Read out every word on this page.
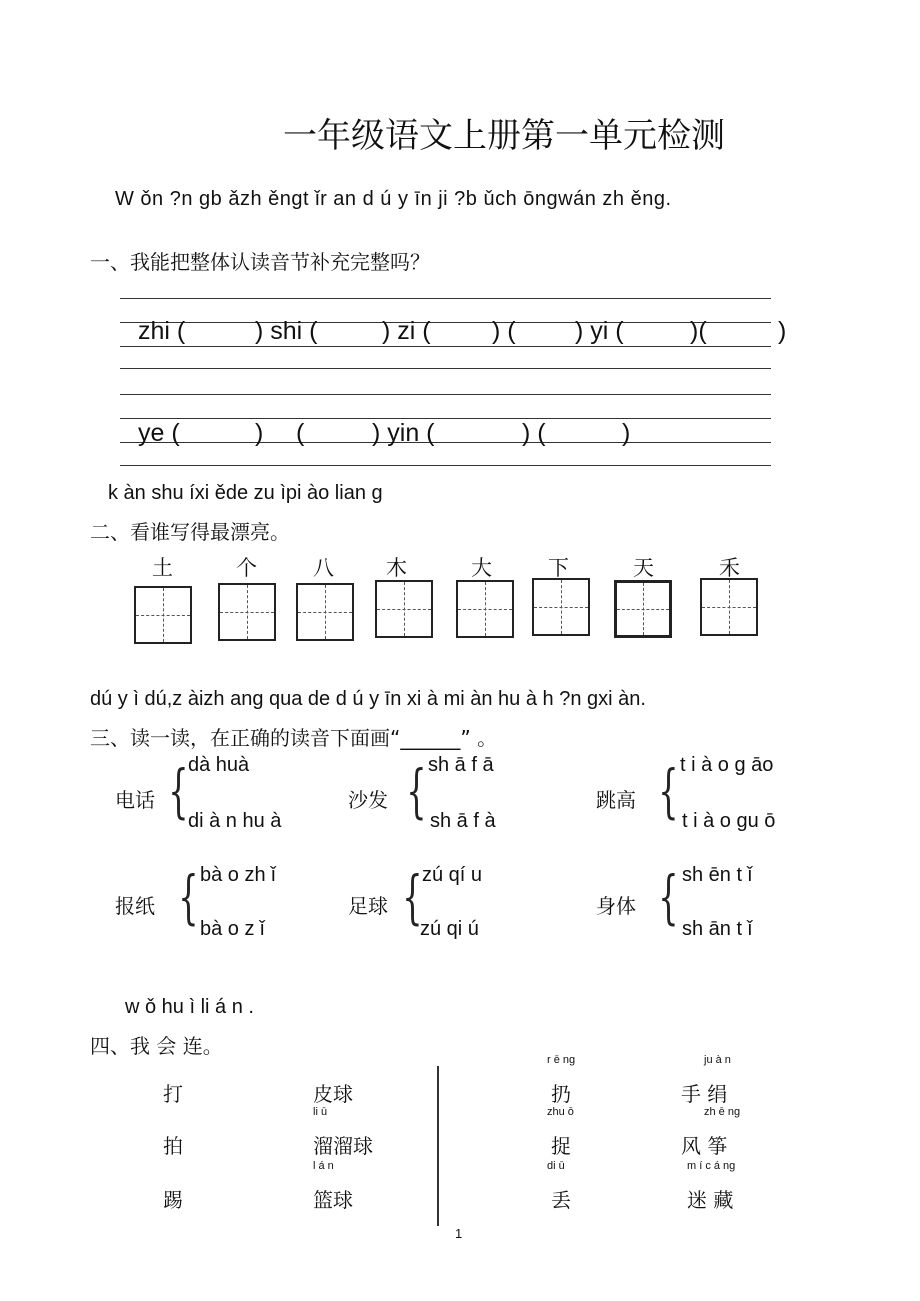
一年级语文上册第一单元检测
W ǒn ?n ɡb ǎzh ěnɡt ǐr an d ú y īn ji ?b ǔch ōnɡwán zh ěnɡ.
一、我能把整体认读音节补充完整吗？
zhi (	) shi (	) zi ( ) ( ) yi (	)(	)
ye (	) (	) yin (	) (	)
k àn shu íxi ěde zu ìpi ào lian ɡ
二、看谁写得最漂亮。
土	个	八 木	大	下	天	禾
dú y ì dú,z àizh ang qua de d ú y īn xi à mi àn hu à h ?n ɡxi àn.
三、读一读，在正确的读音下面画“______” 。
电话 { dà huà
di à n hu à
沙发 { sh ā f ā
sh ā f à
跳高 { t i à o g āo
t i à o gu ō
报纸 { bà o zh ǐ
bà o z ǐ
足球 { zú qí u
zú qi ú
身体 { sh ēn t ǐ
sh ān t ǐ
w ǒ hu ì li á n .
四、我 会 连。
打
拍
踢
皮球
li ū
溜溜球
l á n
篮球
r ē ng
扔
zhu ō
捉
di ū
丢
ju à n
手 绢
zh ē ng
风 筝
m í c á ng
迷 藏
1
